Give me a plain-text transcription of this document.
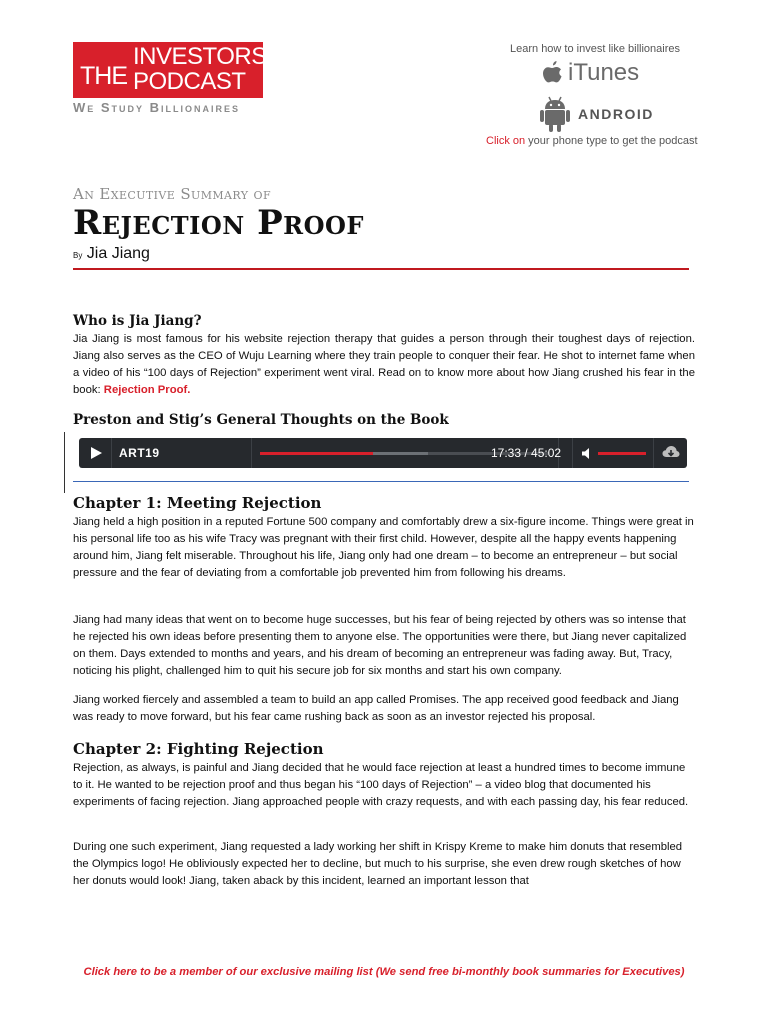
THE
INVESTORS
PODCAST
We Study Billionaires
Learn how to invest like billionaires
iTunes
ANDROID
Click on your phone type to get the podcast
An Executive Summary of
Rejection Proof
By Jia Jiang
Who is Jia Jiang?

Jia Jiang is most famous for his website rejection therapy that guides a person through their toughest days of rejection. Jiang also serves as the CEO of Wuju Learning where they train people to conquer their fear. He shot to internet fame when a video of his “100 days of Rejection” experiment went viral. Read on to know more about how Jiang crushed his fear in the book: Rejection Proof.

Preston and Stig’s General Thoughts on the Book
ART19	17:33 / 45:02
Chapter 1: Meeting Rejection

Jiang held a high position in a reputed Fortune 500 company and comfortably drew a six-figure income. Things were great in his personal life too as his wife Tracy was pregnant with their first child. However, despite all the happy events happening around him, Jiang felt miserable. Throughout his life, Jiang only had one dream – to become an entrepreneur – but social pressure and the fear of deviating from a comfortable job prevented him from following his dreams.

Jiang had many ideas that went on to become huge successes, but his fear of being rejected by others was so intense that he rejected his own ideas before presenting them to anyone else. The opportunities were there, but Jiang never capitalized on them. Days extended to months and years, and his dream of becoming an entrepreneur was fading away. But, Tracy, noticing his plight, challenged him to quit his secure job for six months and start his own company.

Jiang worked fiercely and assembled a team to build an app called Promises. The app received good feedback and Jiang was ready to move forward, but his fear came rushing back as soon as an investor rejected his proposal.

Chapter 2: Fighting Rejection

Rejection, as always, is painful and Jiang decided that he would face rejection at least a hundred times to become immune to it. He wanted to be rejection proof and thus began his “100 days of Rejection” – a video blog that documented his experiments of facing rejection. Jiang approached people with crazy requests, and with each passing day, his fear reduced.

During one such experiment, Jiang requested a lady working her shift in Krispy Kreme to make him donuts that resembled the Olympics logo! He obliviously expected her to decline, but much to his surprise, she even drew rough sketches of how her donuts would look! Jiang, taken aback by this incident, learned an important lesson that

Click here to be a member of our exclusive mailing list (We send free bi-monthly book summaries for Executives)
